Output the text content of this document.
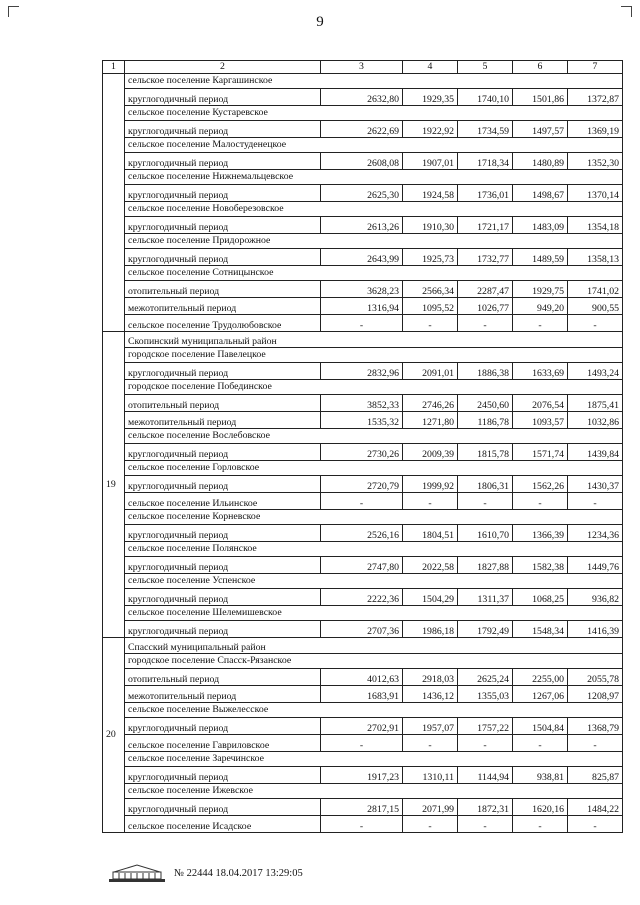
9
1	2	3	4	5	6	7
	сельское поселение Каргашинское					
	круглогодичный период	2632,80	1929,35	1740,10	1501,86	1372,87
	сельское поселение Кустаревское					
	круглогодичный период	2622,69	1922,92	1734,59	1497,57	1369,19
	сельское поселение Малостуденецкое					
	круглогодичный период	2608,08	1907,01	1718,34	1480,89	1352,30
	сельское поселение Нижнемальцевское					
	круглогодичный период	2625,30	1924,58	1736,01	1498,67	1370,14
	сельское поселение Новоберезовское					
	круглогодичный период	2613,26	1910,30	1721,17	1483,09	1354,18
	сельское поселение Придорожное					
	круглогодичный период	2643,99	1925,73	1732,77	1489,59	1358,13
	сельское поселение Сотницынское					
	отопительный период	3628,23	2566,34	2287,47	1929,75	1741,02
	межотопительный период	1316,94	1095,52	1026,77	949,20	900,55
	сельское поселение Трудолюбовское	-	-	-	-	-
19	Скопинский муниципальный район					
	городское поселение Павелецкое					
	круглогодичный период	2832,96	2091,01	1886,38	1633,69	1493,24
	городское поселение Побединское					
	отопительный период	3852,33	2746,26	2450,60	2076,54	1875,41
	межотопительный период	1535,32	1271,80	1186,78	1093,57	1032,86
	сельское поселение Вослебовское					
	круглогодичный период	2730,26	2009,39	1815,78	1571,74	1439,84
	сельское поселение Горловское					
	круглогодичный период	2720,79	1999,92	1806,31	1562,26	1430,37
	сельское поселение Ильинское	-	-	-	-	-
	сельское поселение Корневское					
	круглогодичный период	2526,16	1804,51	1610,70	1366,39	1234,36
	сельское поселение Полянское					
	круглогодичный период	2747,80	2022,58	1827,88	1582,38	1449,76
	сельское поселение Успенское					
	круглогодичный период	2222,36	1504,29	1311,37	1068,25	936,82
	сельское поселение Шелемишевское					
	круглогодичный период	2707,36	1986,18	1792,49	1548,34	1416,39
20	Спасский муниципальный район					
	городское поселение Спасск-Рязанское					
	отопительный период	4012,63	2918,03	2625,24	2255,00	2055,78
	межотопительный период	1683,91	1436,12	1355,03	1267,06	1208,97
	сельское поселение Выжелесское					
	круглогодичный период	2702,91	1957,07	1757,22	1504,84	1368,79
	сельское поселение Гавриловское	-	-	-	-	-
	сельское поселение Заречинское					
	круглогодичный период	1917,23	1310,11	1144,94	938,81	825,87
	сельское поселение Ижевское					
	круглогодичный период	2817,15	2071,99	1872,31	1620,16	1484,22
	сельское поселение Исадское	-	-	-	-	-
№ 22444 18.04.2017 13:29:05
